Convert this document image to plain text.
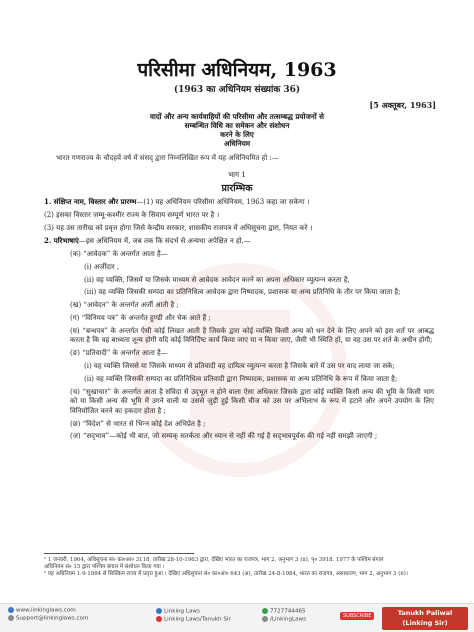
परिसीमा अधिनियम, 1963
(1963 का अधिनियम संख्यांक 36)
[5 अक्तूबर, 1963]
वादों और अन्य कार्यवाहियों की परिसीमा और तत्‍सम्‍बद्ध प्रयोजनों से
सम्‍बन्‍धित विधि का समेकन और संशोधन
करने के लिए
अधिनियम
भारत गणराज्‍य के चौदहवें वर्ष में संसद्‌ द्वारा निम्‍नलिखित रूप में यह अधिनियमित हो :—
भाग 1
प्रारम्भिक

1. संक्षिप्‍त नाम, विस्‍तार और प्रारम्‍भ—(1) यह अधिनियम परिसीमा अधिनियम, 1963 कहा जा सकेगा ।

(2) इसका विस्‍तार जम्‍मू-कश्‍मीर राज्‍य के सिवाय सम्‍पूर्ण भारत पर है ।

(3) यह उस तारीख को प्रवृत्त होगा जिसे केन्‍द्रीय सरकार, शासकीय राजपत्र में अधिसूचना द्वारा, नियत करे ।

2. परिभाषाएं—इस अधिनियम में, जब तक कि संदर्भ से अन्‍यथा अपेक्षित न हो,—

(क) “आवेदक” के अन्‍तर्गत आता है—

(i) अर्जीदार ,

(ii) वह व्‍यक्‍ति, जिसमें या जिसके माध्‍यम से आवेदक आवेदन करने का अपना अधिकार व्‍युत्‍पन्‍न करता है,

(iii) वह व्‍यक्‍ति जिसकी सम्‍पदा का प्रतिनिधित्‍व आवेदक द्वारा निष्पादक, प्रशासक या अन्‍य प्रतिनिधि के तौर पर किया जाता है;

(ख) “आवेदन” के अन्‍तर्गत अर्जी आती है ;

(ग) “विनिमय पत्र” के अन्‍तर्गत हुण्‍डी और चेक आते हैं ;

(घ) “बन्‍धपत्र” के अन्‍तर्गत ऐसी कोई लिखत आती है जिसके द्वारा कोई व्‍यक्‍ति किसी अन्‍य को धन देने के लिए अपने को इस शर्त पर आबद्ध करता है कि वह बाध्‍यता शून्‍य होगी यदि कोई विनिर्दिष्‍ट कार्य किया जाए या न किया जाए, जैसी भी स्‍थिति हो, या वह उस पर शर्त के अधीन होगी;

(ङ) “प्रतिवादी” के अन्‍तर्गत आता है—

(i) वह व्‍यक्‍ति जिससे या जिसके माध्‍यम से प्रतिवादी वह दायित्‍व व्‍युत्‍पन्‍न करता है जिसके बारे में उस पर वाद लाया जा सके;

(ii) वह व्‍यक्‍ति जिसकी सम्‍पदा का प्रतिनिधित्‍व प्रतिवादी द्वारा निष्पादक, प्रशासक या अन्‍य प्रतिनिधि के रूप में किया जाता है;

(च) “सुखाचार” के अन्‍तर्गत आता है संविदा से उद्‌भूत न होने वाला ऐसा अधिकार जिसके द्वारा कोई व्‍यक्‍ति किसी अन्‍य की भूमि के किसी भाग को या किसी अन्‍य की भूमि में उगने वाली या उससे जुड़ी हुई किसी चीज को उस पर अभिलाभ के रूप में हटाने और अपने उपयोग के लिए विनियोजित करने का हकदार होता है ;

(छ) “विदेश” से भारत से भिन्‍न कोई देश अभिप्रेत है ;

(ज) “सद्‌भाव”—कोई भी बात, जो सम्‍यक्‌ सतर्कता और ध्‍यान से नहीं की गई है सद्‌भावपूर्वक की गई नहीं समझी जाएगी ;

¹ 1 जनवरी, 1964, अधिसूचना सं० का०आ० 3118, तारीख 28-10-1963 द्वारा, देखिए भारत का राजपत्र, भाग 2, अनुभाग 3 (ii), पृ० 3918. 1977 के पश्‍चिम बंगाल
अधिनियम सं० 15 द्वारा पश्‍चिम बंगाल में संशोधन किया गया ।
² यह अधिनियम 1-9-1984 से सिक्‍किम राज्‍य में प्रवृत्त हुआ । देखिए अधिसूचना सं० का०आ० 643 (अ), तारीख 24-8-1984, भारत का राजपत्र, असाधारण, भाग 2, अनुभाग 3 (ii)।
www.linkinglaws.com
Support@linkinglaws.com
Linking Laws
Linking Laws/Tanukh Sir
7727744465
/LinkingLaws
SUBSCRIBE	Tanukh Paliwal
(Linking Sir)
